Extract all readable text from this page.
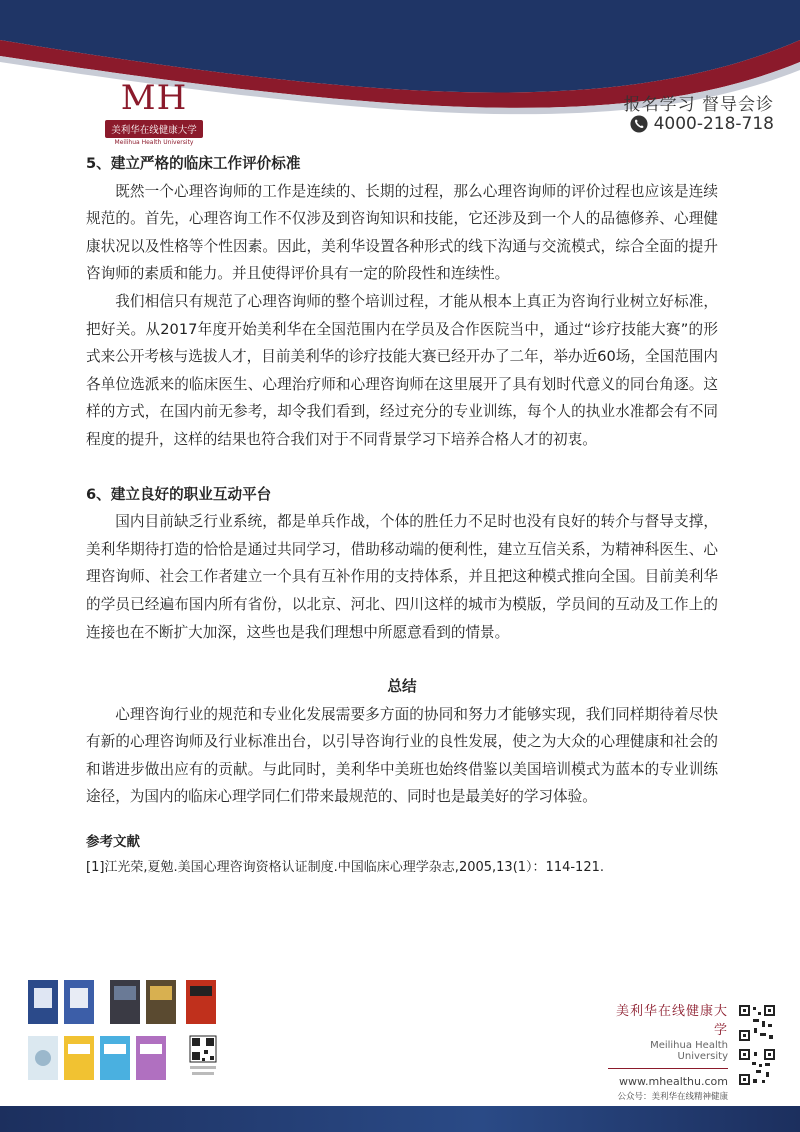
MH
美利华在线健康大学
Meilihua Health University
报名学习 督导会诊
4000-218-718
5、建立严格的临床工作评价标准

既然一个心理咨询师的工作是连续的、长期的过程，那么心理咨询师的评价过程也应该是连续规范的。首先，心理咨询工作不仅涉及到咨询知识和技能，它还涉及到一个人的品德修养、心理健康状况以及性格等个性因素。因此，美利华设置各种形式的线下沟通与交流模式，综合全面的提升咨询师的素质和能力。并且使得评价具有一定的阶段性和连续性。

我们相信只有规范了心理咨询师的整个培训过程，才能从根本上真正为咨询行业树立好标准，把好关。从2017年度开始美利华在全国范围内在学员及合作医院当中，通过“诊疗技能大赛”的形式来公开考核与选拔人才，目前美利华的诊疗技能大赛已经开办了二年，举办近60场，全国范围内各单位选派来的临床医生、心理治疗师和心理咨询师在这里展开了具有划时代意义的同台角逐。这样的方式，在国内前无参考，却令我们看到，经过充分的专业训练，每个人的执业水准都会有不同程度的提升，这样的结果也符合我们对于不同背景学习下培养合格人才的初衷。

6、建立良好的职业互动平台

国内目前缺乏行业系统，都是单兵作战，个体的胜任力不足时也没有良好的转介与督导支撑，美利华期待打造的恰恰是通过共同学习，借助移动端的便利性，建立互信关系，为精神科医生、心理咨询师、社会工作者建立一个具有互补作用的支持体系，并且把这种模式推向全国。目前美利华的学员已经遍布国内所有省份，以北京、河北、四川这样的城市为模版，学员间的互动及工作上的连接也在不断扩大加深，这些也是我们理想中所愿意看到的情景。

总结

心理咨询行业的规范和专业化发展需要多方面的协同和努力才能够实现，我们同样期待着尽快有新的心理咨询师及行业标准出台，以引导咨询行业的良性发展，使之为大众的心理健康和社会的和谐进步做出应有的贡献。与此同时，美利华中美班也始终借鉴以美国培训模式为蓝本的专业训练途径，为国内的临床心理学同仁们带来最规范的、同时也是最美好的学习体验。

参考文献
[1]江光荣,夏勉.美国心理咨询资格认证制度.中国临床心理学杂志,2005,13(1）：114-121.
美利华在线健康大学
Meilihua Health University
www.mhealthu.com
公众号：美利华在线精神健康
